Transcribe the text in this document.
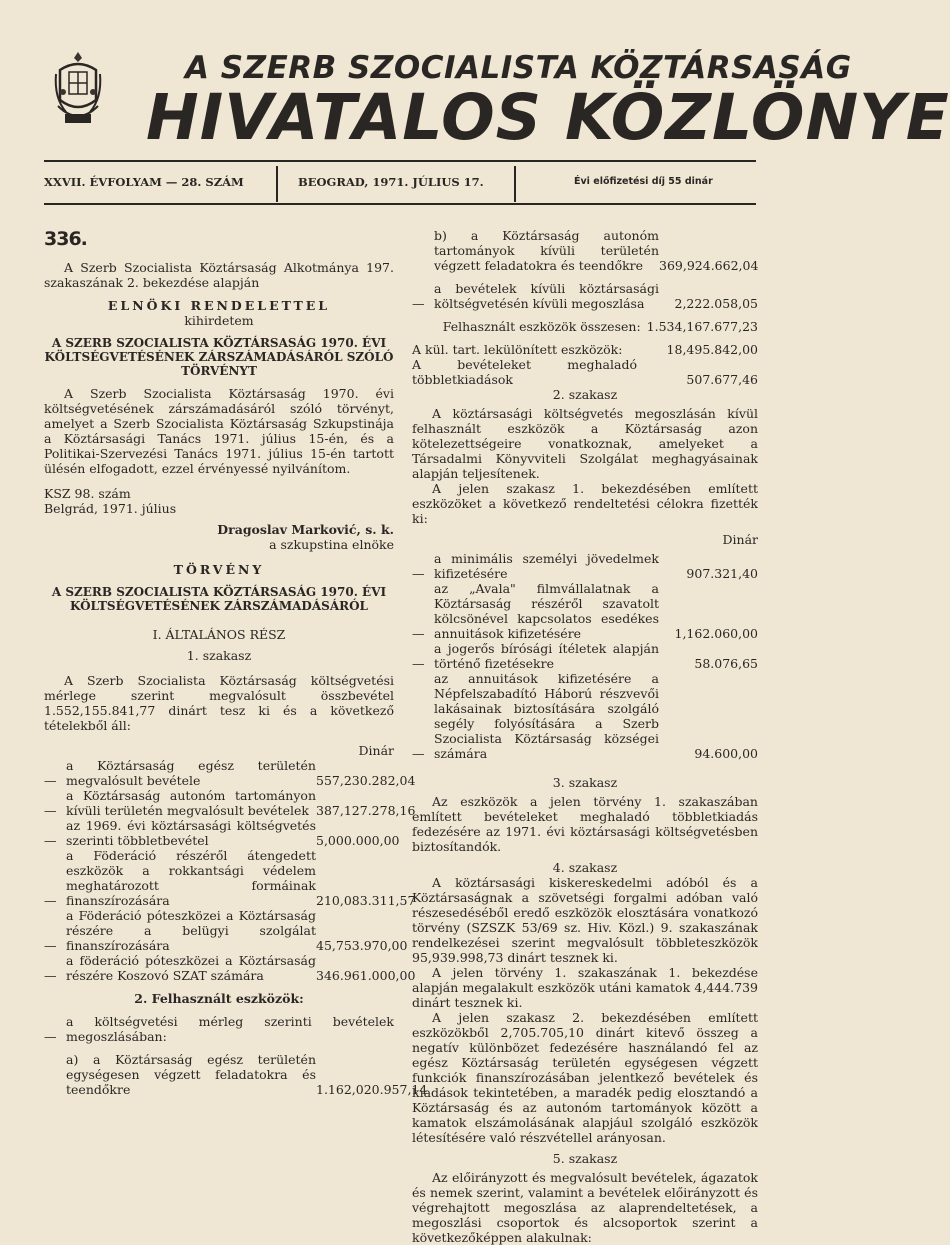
A SZERB SZOCIALISTA KÖZTÁRSASÁG
HIVATALOS KÖZLÖNYE
XXVII. ÉVFOLYAM — 28. SZÁM	BEOGRAD, 1971. JÚLIUS 17.	Évi előfizetési díj 55 dinár
336.

A Szerb Szocialista Köztársaság Alkotmánya 197. szakaszának 2. bekezdése alapján

ELNÖKI RENDELETTEL

kihirdetem

A SZERB SZOCIALISTA KÖZTÁRSASÁG 1970. ÉVI KÖLTSÉGVETÉSÉNEK ZÁRSZÁMADÁSÁRÓL SZÓLÓ TÖRVÉNYT

A Szerb Szocialista Köztársaság 1970. évi költségvetésének zárszámadásáról szóló törvényt, amelyet a Szerb Szocialista Köztársaság Szkupstinája a Köztársasági Tanács 1971. július 15-én, és a Politikai-Szervezési Tanács 1971. július 15-én tartott ülésén elfogadott, ezzel érvényessé nyilvánítom.

KSZ 98. szám

Belgrád, 1971. július

Dragoslav Marković, s. k.

a szkupstina elnöke

TÖRVÉNY

A SZERB SZOCIALISTA KÖZTÁRSASÁG 1970. ÉVI KÖLTSÉGVETÉSÉNEK ZÁRSZÁMADÁSÁRÓL

I. ÁLTALÁNOS RÉSZ

1. szakasz

A Szerb Szocialista Köztársaság költségvetési mérlege szerint megvalósult összbevétel 1.552,155.841,77 dinárt tesz ki és a következő tételekből áll:

Dinár

—
a Köztársaság egész területén megvalósult bevétele	557,230.282,04
—
a Köztársaság autonóm tartományon kívüli területén megvalósult bevételek 387,127.278,16
—
az 1969. évi köztársasági költségvetés szerinti többletbevétel	5,000.000,00
—
a Föderáció részéről átengedett eszközök a rokkantsági védelem meghatározott formáinak finanszírozására	210,083.311,57
—
a Föderáció póteszközei a Köztársaság részére a belügyi szolgálat finanszírozására	45,753.970,00
—
a föderáció póteszközei a Köztársaság részére Koszovó SZAT számára	346.961.000,00

2. Felhasznált eszközök:

—
a költségvetési mérleg szerinti bevételek megoszlásában:
a) a Köztársaság egész területén egységesen végzett feladatokra és teendőkre	1.162,020.957,14
b) a Köztársaság autonóm tartományok kívüli területén végzett feladatokra és teendőkre	369,924.662,04
—
a bevételek kívüli köztársasági költségvetésén kívüli megoszlása	2,222.058,05
Felhasznált eszközök összesen: 1.534,167.677,23
A kül. tart. lekülönített eszközök:	18,495.842,00
A bevételeket meghaladó többletkiadások	507.677,46

2. szakasz

A köztársasági költségvetés megoszlásán kívül felhasznált eszközök a Köztársaság azon kötelezettségeire vonatkoznak, amelyeket a Társadalmi Könyvviteli Szolgálat meghagyásainak alapján teljesítenek.

A jelen szakasz 1. bekezdésében említett eszközöket a következő rendeltetési célokra fizették ki:

Dinár

—
a minimális személyi jövedelmek kifizetésére	907.321,40
—
az „Avala" filmvállalatnak a Köztársaság részéről szavatolt kölcsönével kapcsolatos esedékes annuitások kifizetésére	1,162.060,00
—
a jogerős bírósági ítéletek alapján történő fizetésekre	58.076,65
—
az annuitások kifizetésére a Népfelszabadító Háború részvevői lakásainak biztosítására szolgáló segély folyósítására a Szerb Szocialista Köztársaság községei számára	94.600,00

3. szakasz

Az eszközök a jelen törvény 1. szakaszában említett bevételeket meghaladó többletkiadás fedezésére az 1971. évi köztársasági költségvetésben biztosítandók.

4. szakasz

A köztársasági kiskereskedelmi adóból és a Köztársaságnak a szövetségi forgalmi adóban való részesedéséből eredő eszközök elosztására vonatkozó törvény (SZSZK 53/69 sz. Hiv. Közl.) 9. szakaszának rendelkezései szerint megvalósult többleteszközök 95,939.998,73 dinárt tesznek ki.

A jelen törvény 1. szakaszának 1. bekezdése alapján megalakult eszközök utáni kamatok 4,444.739 dinárt tesznek ki.

A jelen szakasz 2. bekezdésében említett eszközökből 2,705.705,10 dinárt kitevő összeg a negatív különbözet fedezésére használandó fel az egész Köztársaság területén egységesen végzett funkciók finanszírozásában jelentkező bevételek és kiadások tekintetében, a maradék pedig elosztandó a Köztársaság és az autonóm tartományok között a kamatok elszámolásának alapjául szolgáló eszközök létesítésére való részvétellel arányosan.

5. szakasz

Az előirányzott és megvalósult bevételek, ágazatok és nemek szerint, valamint a bevételek előirányzott és végrehajtott megoszlása az alaprendeltetések, a megoszlási csoportok és alcsoportok szerint a következőképpen alakulnak:
